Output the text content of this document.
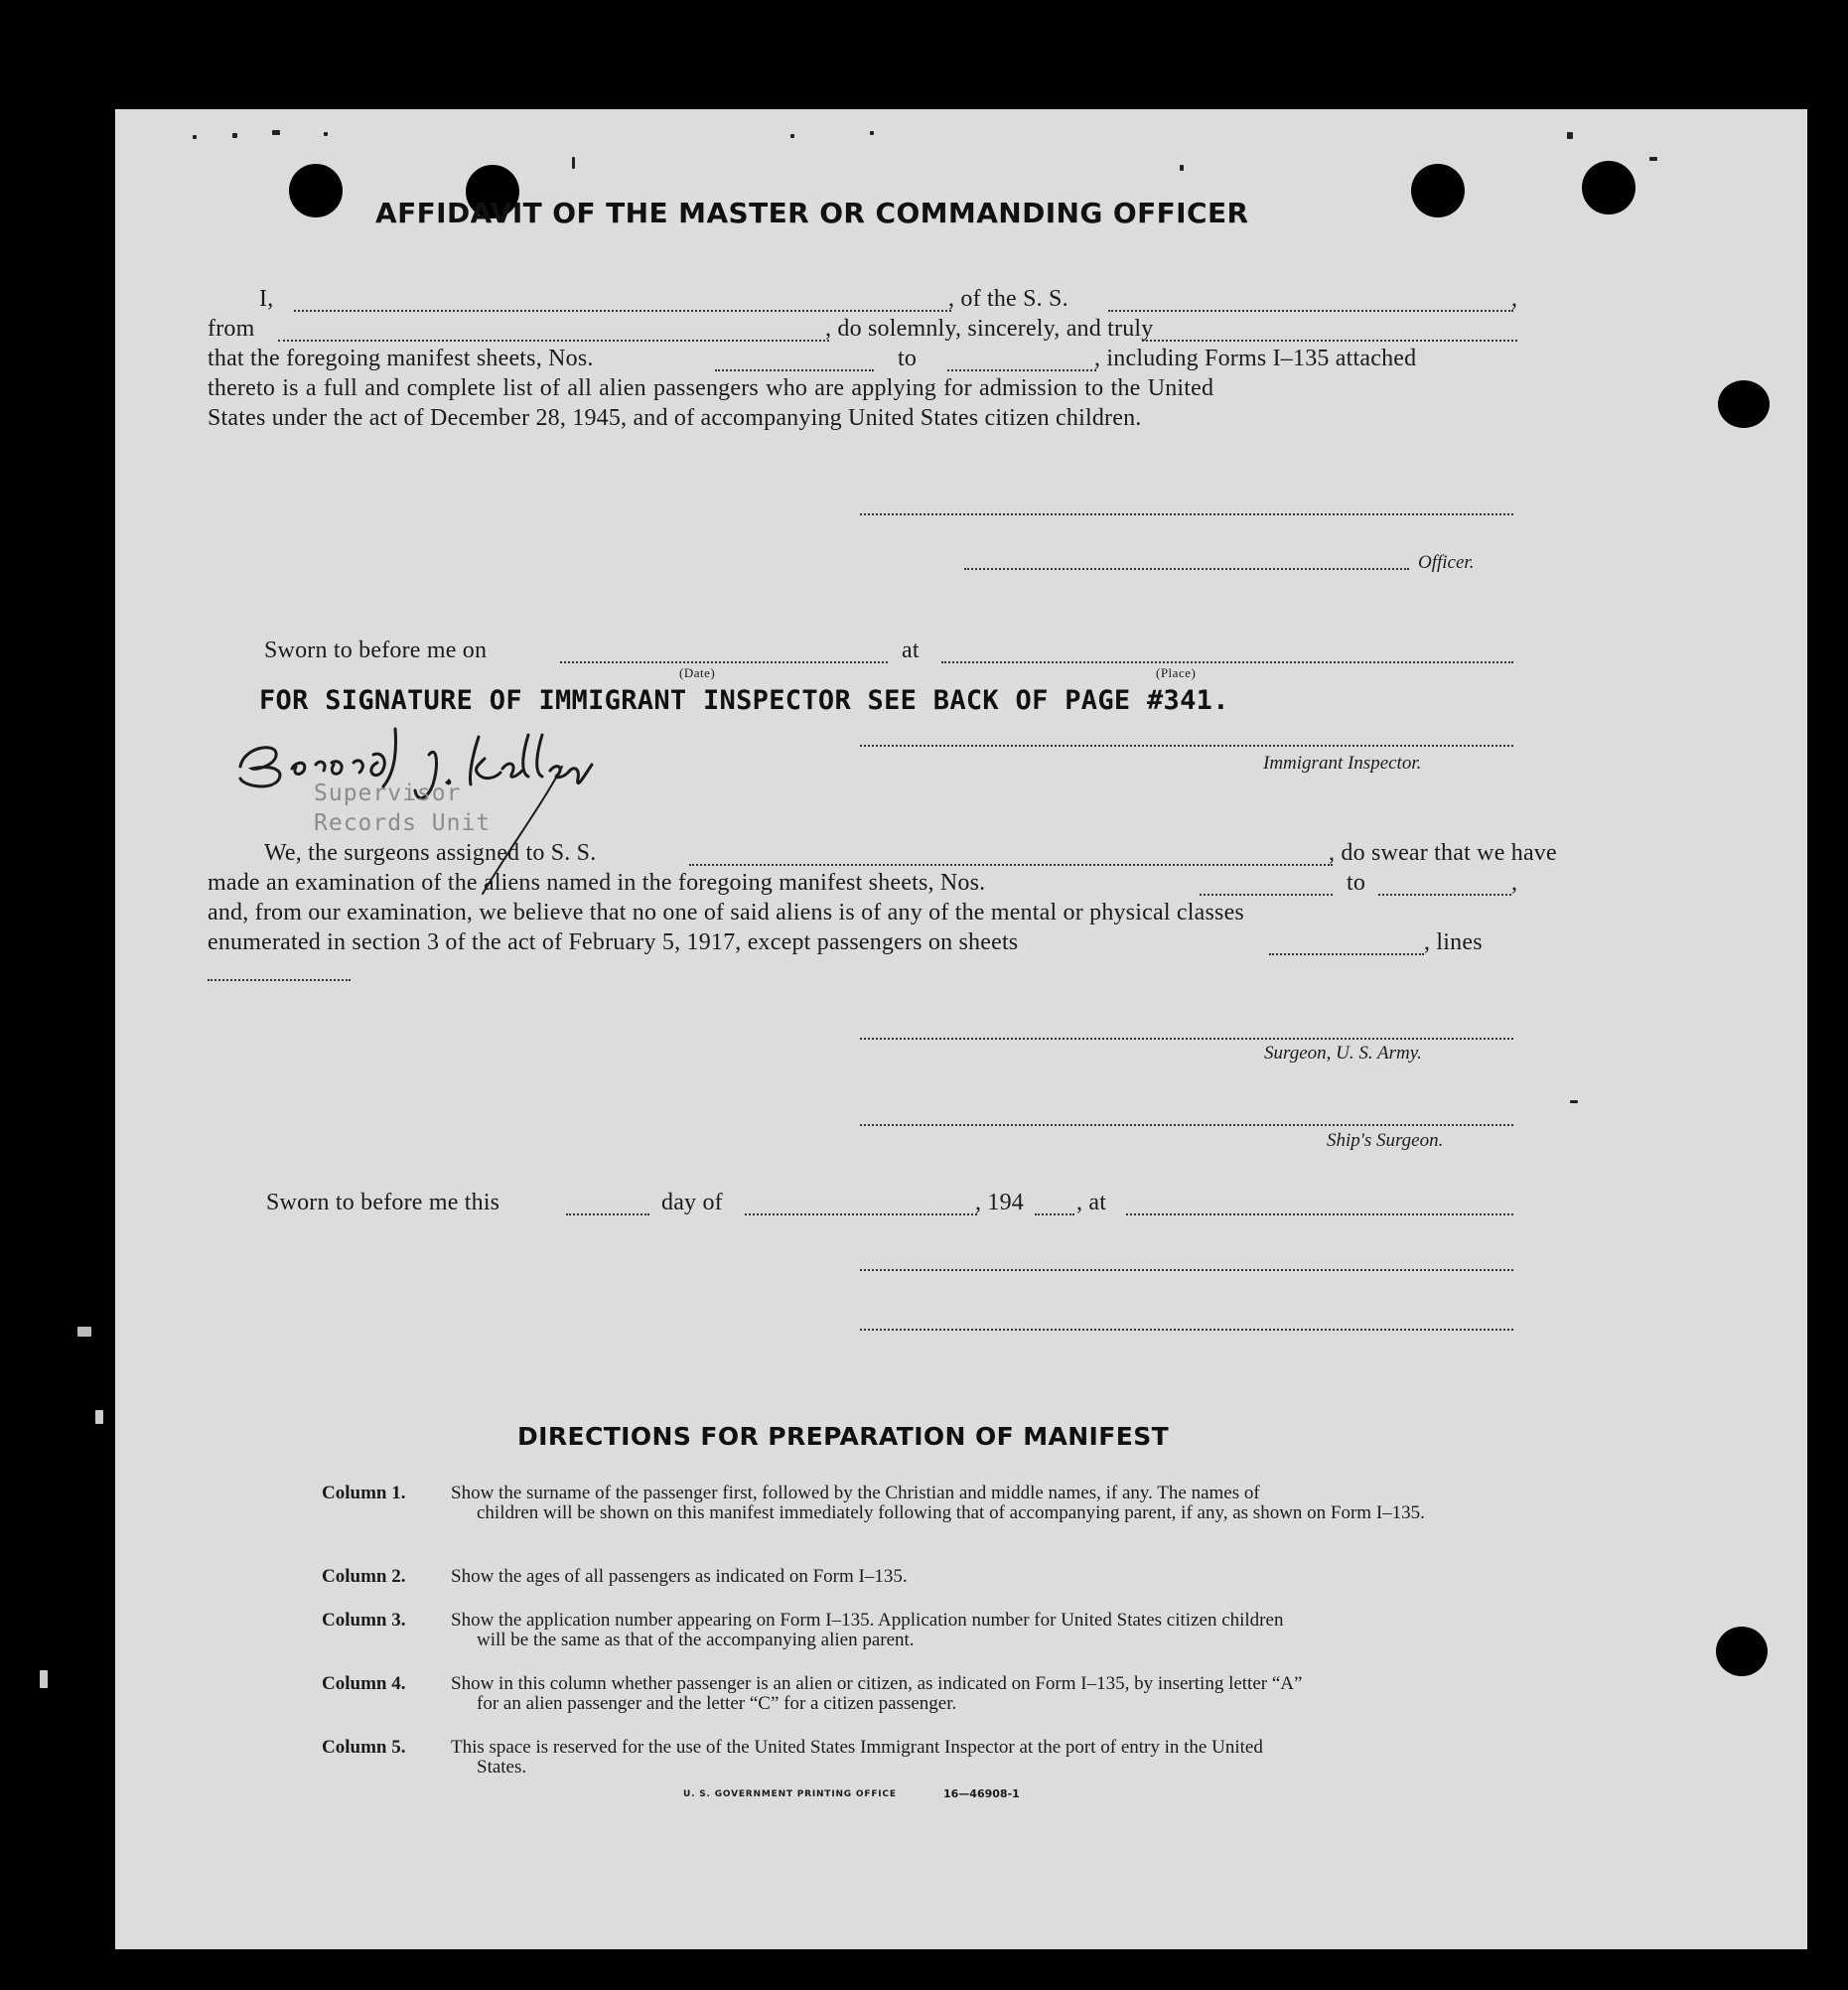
AFFIDAVIT OF THE MASTER OR COMMANDING OFFICER
I,	, of the S. S.	,
from	, do solemnly, sincerely, and truly
that the foregoing manifest sheets, Nos.	to	, including Forms I–135 attached
thereto is a full and complete list of all alien passengers who are applying for admission to the United
States under the act of December 28, 1945, and of accompanying United States citizen children.
Officer.
Sworn to before me on	at
(Date)	(Place)
FOR SIGNATURE OF IMMIGRANT INSPECTOR SEE BACK OF PAGE #341.
Immigrant Inspector.
Supervisor
Records Unit
We, the surgeons assigned to S. S.	, do swear that we have
made an examination of the aliens named in the foregoing manifest sheets, Nos.	to	,
and, from our examination, we believe that no one of said aliens is of any of the mental or physical classes
enumerated in section 3 of the act of February 5, 1917, except passengers on sheets	, lines
Surgeon, U. S. Army.
Ship's Surgeon.
Sworn to before me this	day of	, 194 , at
DIRECTIONS FOR PREPARATION OF MANIFEST
Column 1. Show the surname of the passenger first, followed by the Christian and middle names, if any. The names of
children will be shown on this manifest immediately following that of accompanying parent, if any, as shown on Form I–135.
Column 2. Show the ages of all passengers as indicated on Form I–135.
Column 3. Show the application number appearing on Form I–135. Application number for United States citizen children
will be the same as that of the accompanying alien parent.
Column 4. Show in this column whether passenger is an alien or citizen, as indicated on Form I–135, by inserting letter “A”
for an alien passenger and the letter “C” for a citizen passenger.
Column 5. This space is reserved for the use of the United States Immigrant Inspector at the port of entry in the United
States.
U. S. GOVERNMENT PRINTING OFFICE	16—46908-1
